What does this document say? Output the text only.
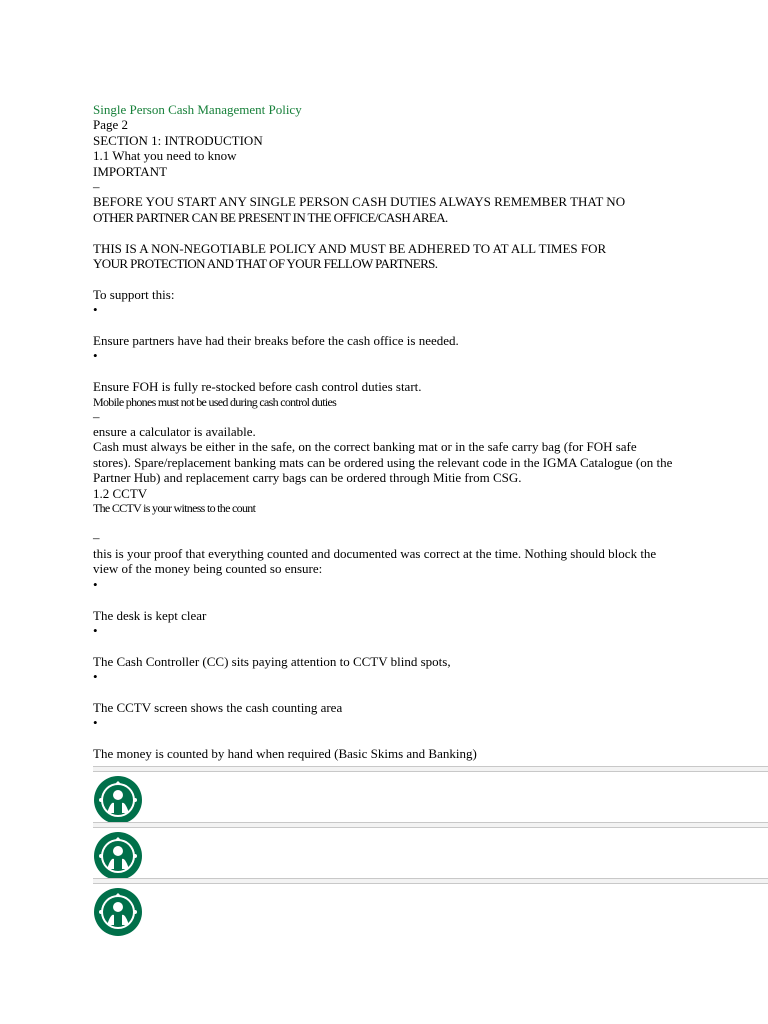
Single Person Cash Management Policy
Page 2
SECTION 1: INTRODUCTION
1.1 What you need to know
IMPORTANT
–
BEFORE YOU START ANY SINGLE PERSON CASH DUTIES ALWAYS REMEMBER THAT NO
OTHER PARTNER CAN BE PRESENT IN THE OFFICE/CASH AREA.
THIS IS A NON-NEGOTIABLE POLICY AND MUST BE ADHERED TO AT ALL TIMES FOR
YOUR PROTECTION AND THAT OF YOUR FELLOW PARTNERS.
To support this:
•
Ensure partners have had their breaks before the cash office is needed.
•
Ensure FOH is fully re-stocked before cash control duties start.
Mobile phones must not be used during cash control duties
–
ensure a calculator is available.
Cash must always be either in the safe, on the correct banking mat or in the safe carry bag (for FOH safe stores). Spare/replacement banking mats can be ordered using the relevant code in the IGMA Catalogue (on the Partner Hub) and replacement carry bags can be ordered through Mitie from CSG.
1.2 CCTV
The CCTV is your witness to the count
–
this is your proof that everything counted and documented was correct at the time. Nothing should block the view of the money being counted so ensure:
•
The desk is kept clear
•
The Cash Controller (CC) sits paying attention to CCTV blind spots,
•
The CCTV screen shows the cash counting area
•
The money is counted by hand when required (Basic Skims and Banking)
